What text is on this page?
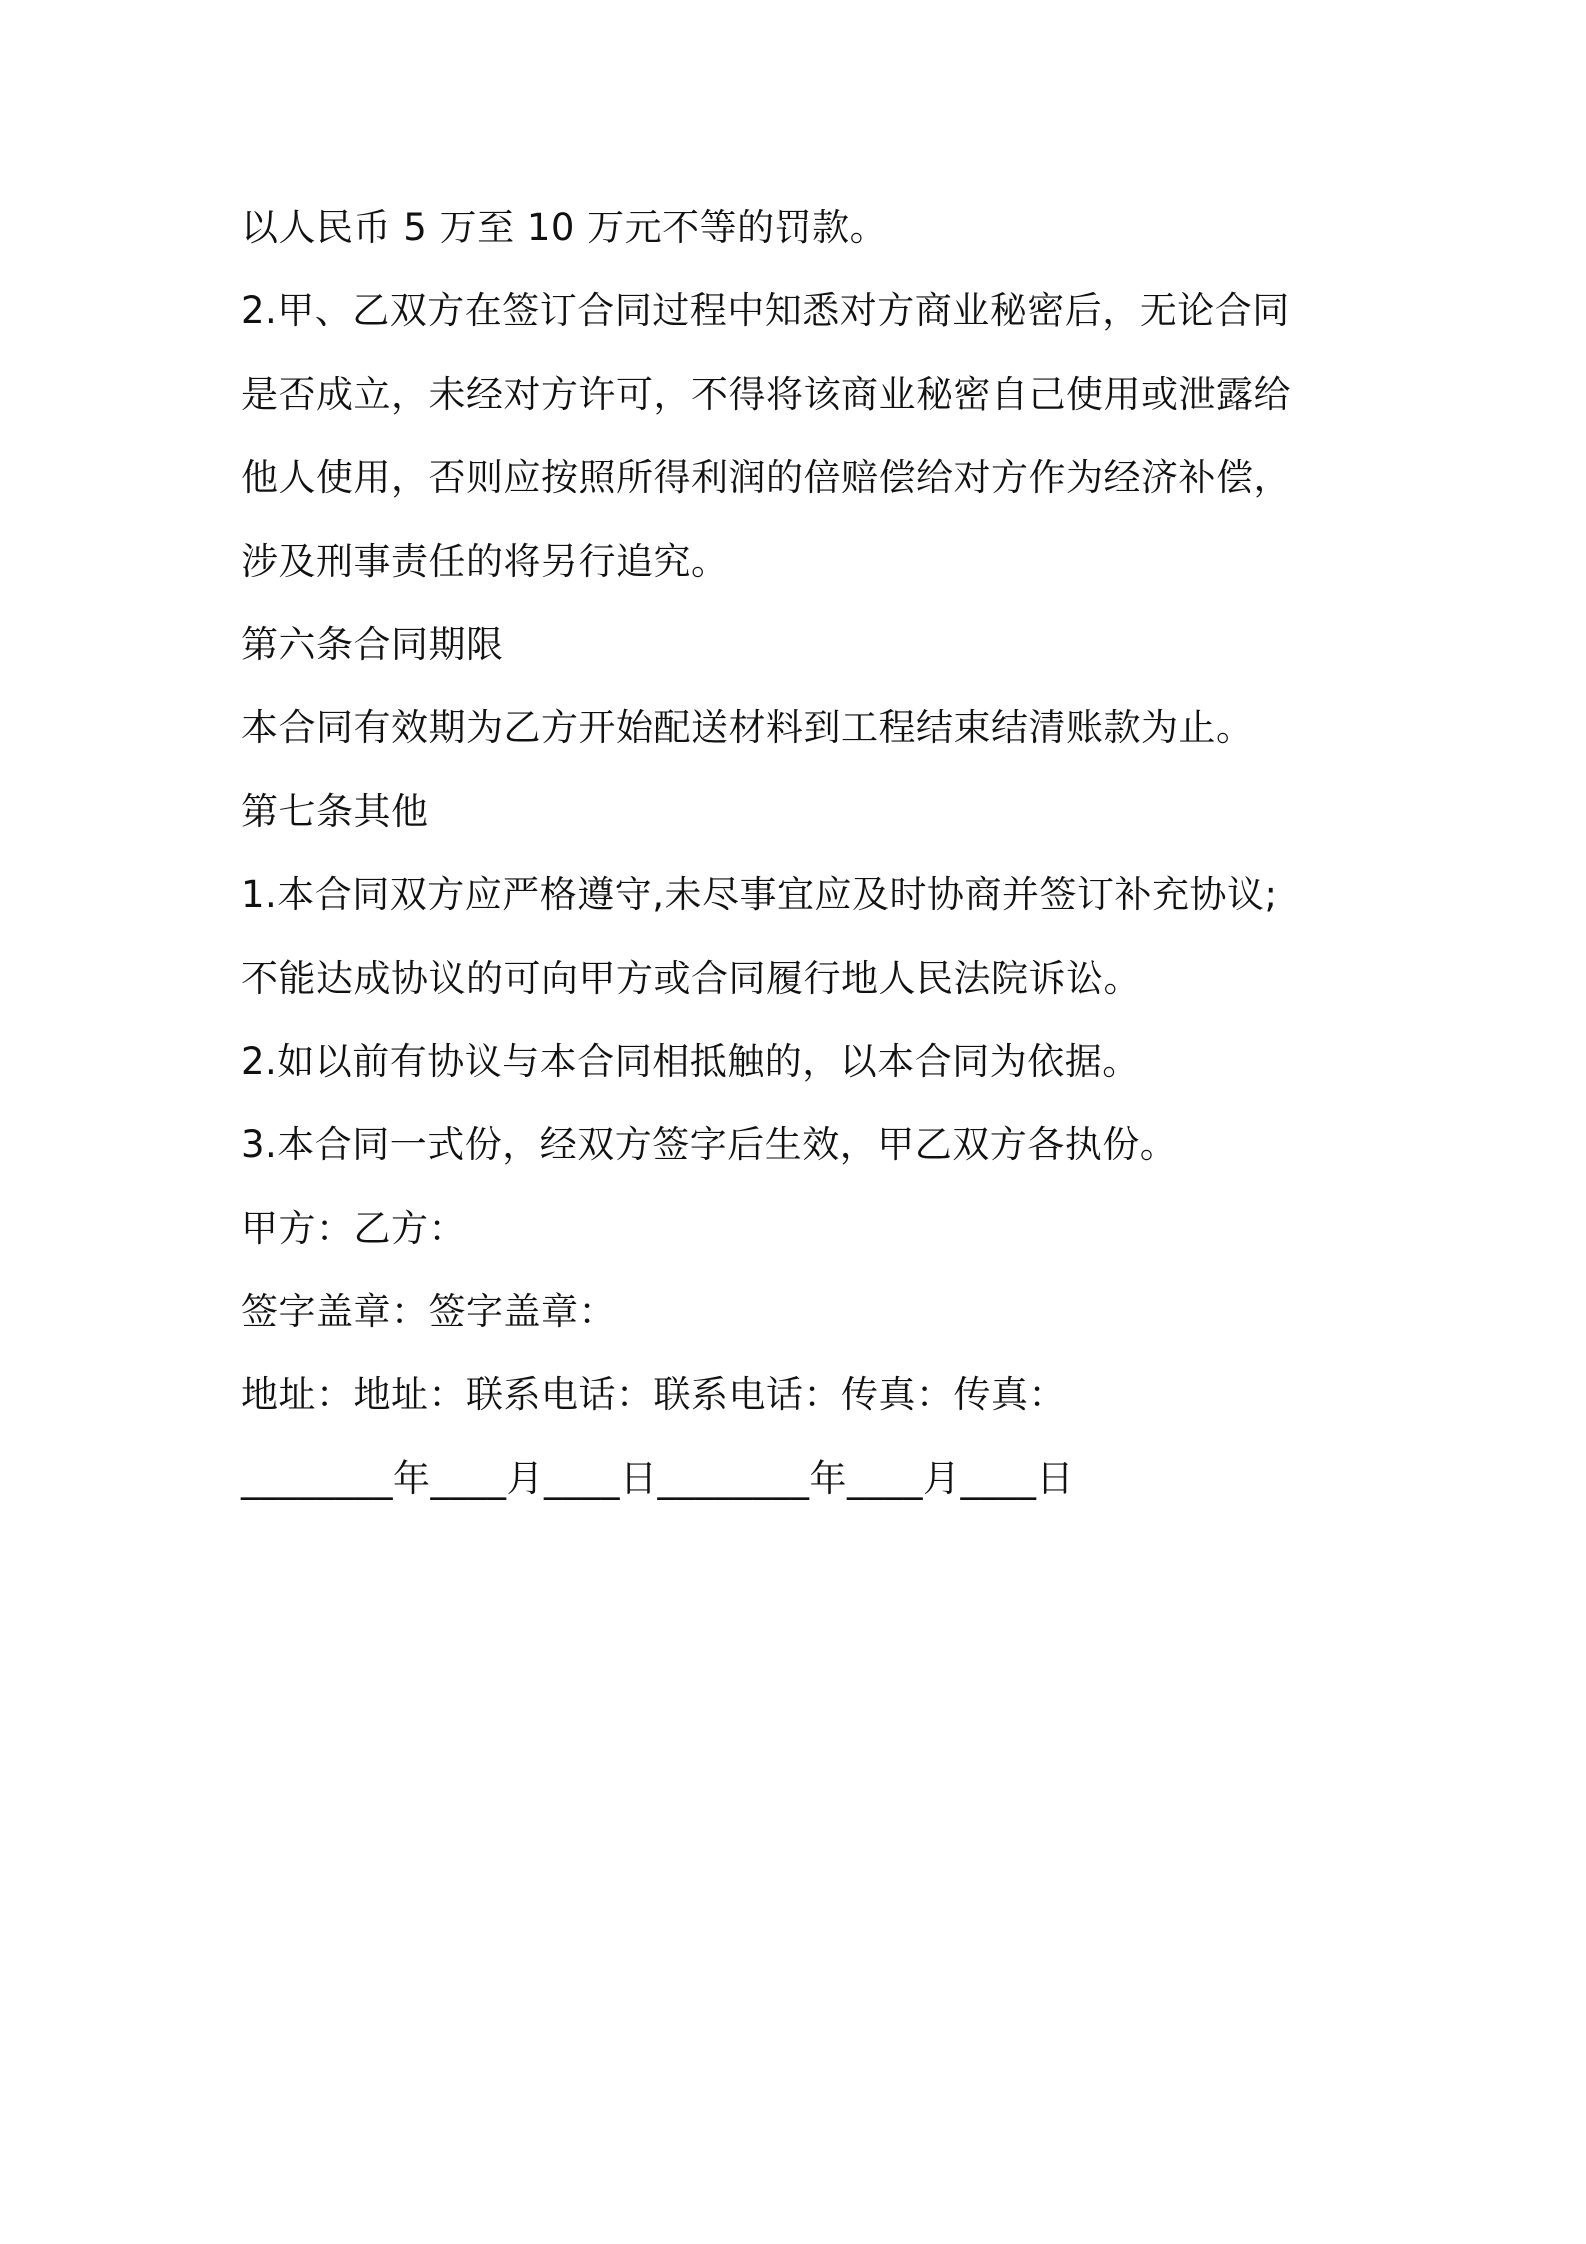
以人民币 5 万至 10 万元不等的罚款。
2.甲、乙双方在签订合同过程中知悉对方商业秘密后，无论合同
是否成立，未经对方许可，不得将该商业秘密自己使用或泄露给
他人使用，否则应按照所得利润的倍赔偿给对方作为经济补偿，
涉及刑事责任的将另行追究。
第六条合同期限
本合同有效期为乙方开始配送材料到工程结束结清账款为止。
第七条其他
1.本合同双方应严格遵守,未尽事宜应及时协商并签订补充协议;
不能达成协议的可向甲方或合同履行地人民法院诉讼。
2.如以前有协议与本合同相抵触的，以本合同为依据。
3.本合同一式份，经双方签字后生效，甲乙双方各执份。
甲方：乙方：
签字盖章：签字盖章：
地址：地址：联系电话：联系电话：传真：传真：
________年____月____日________年____月____日
